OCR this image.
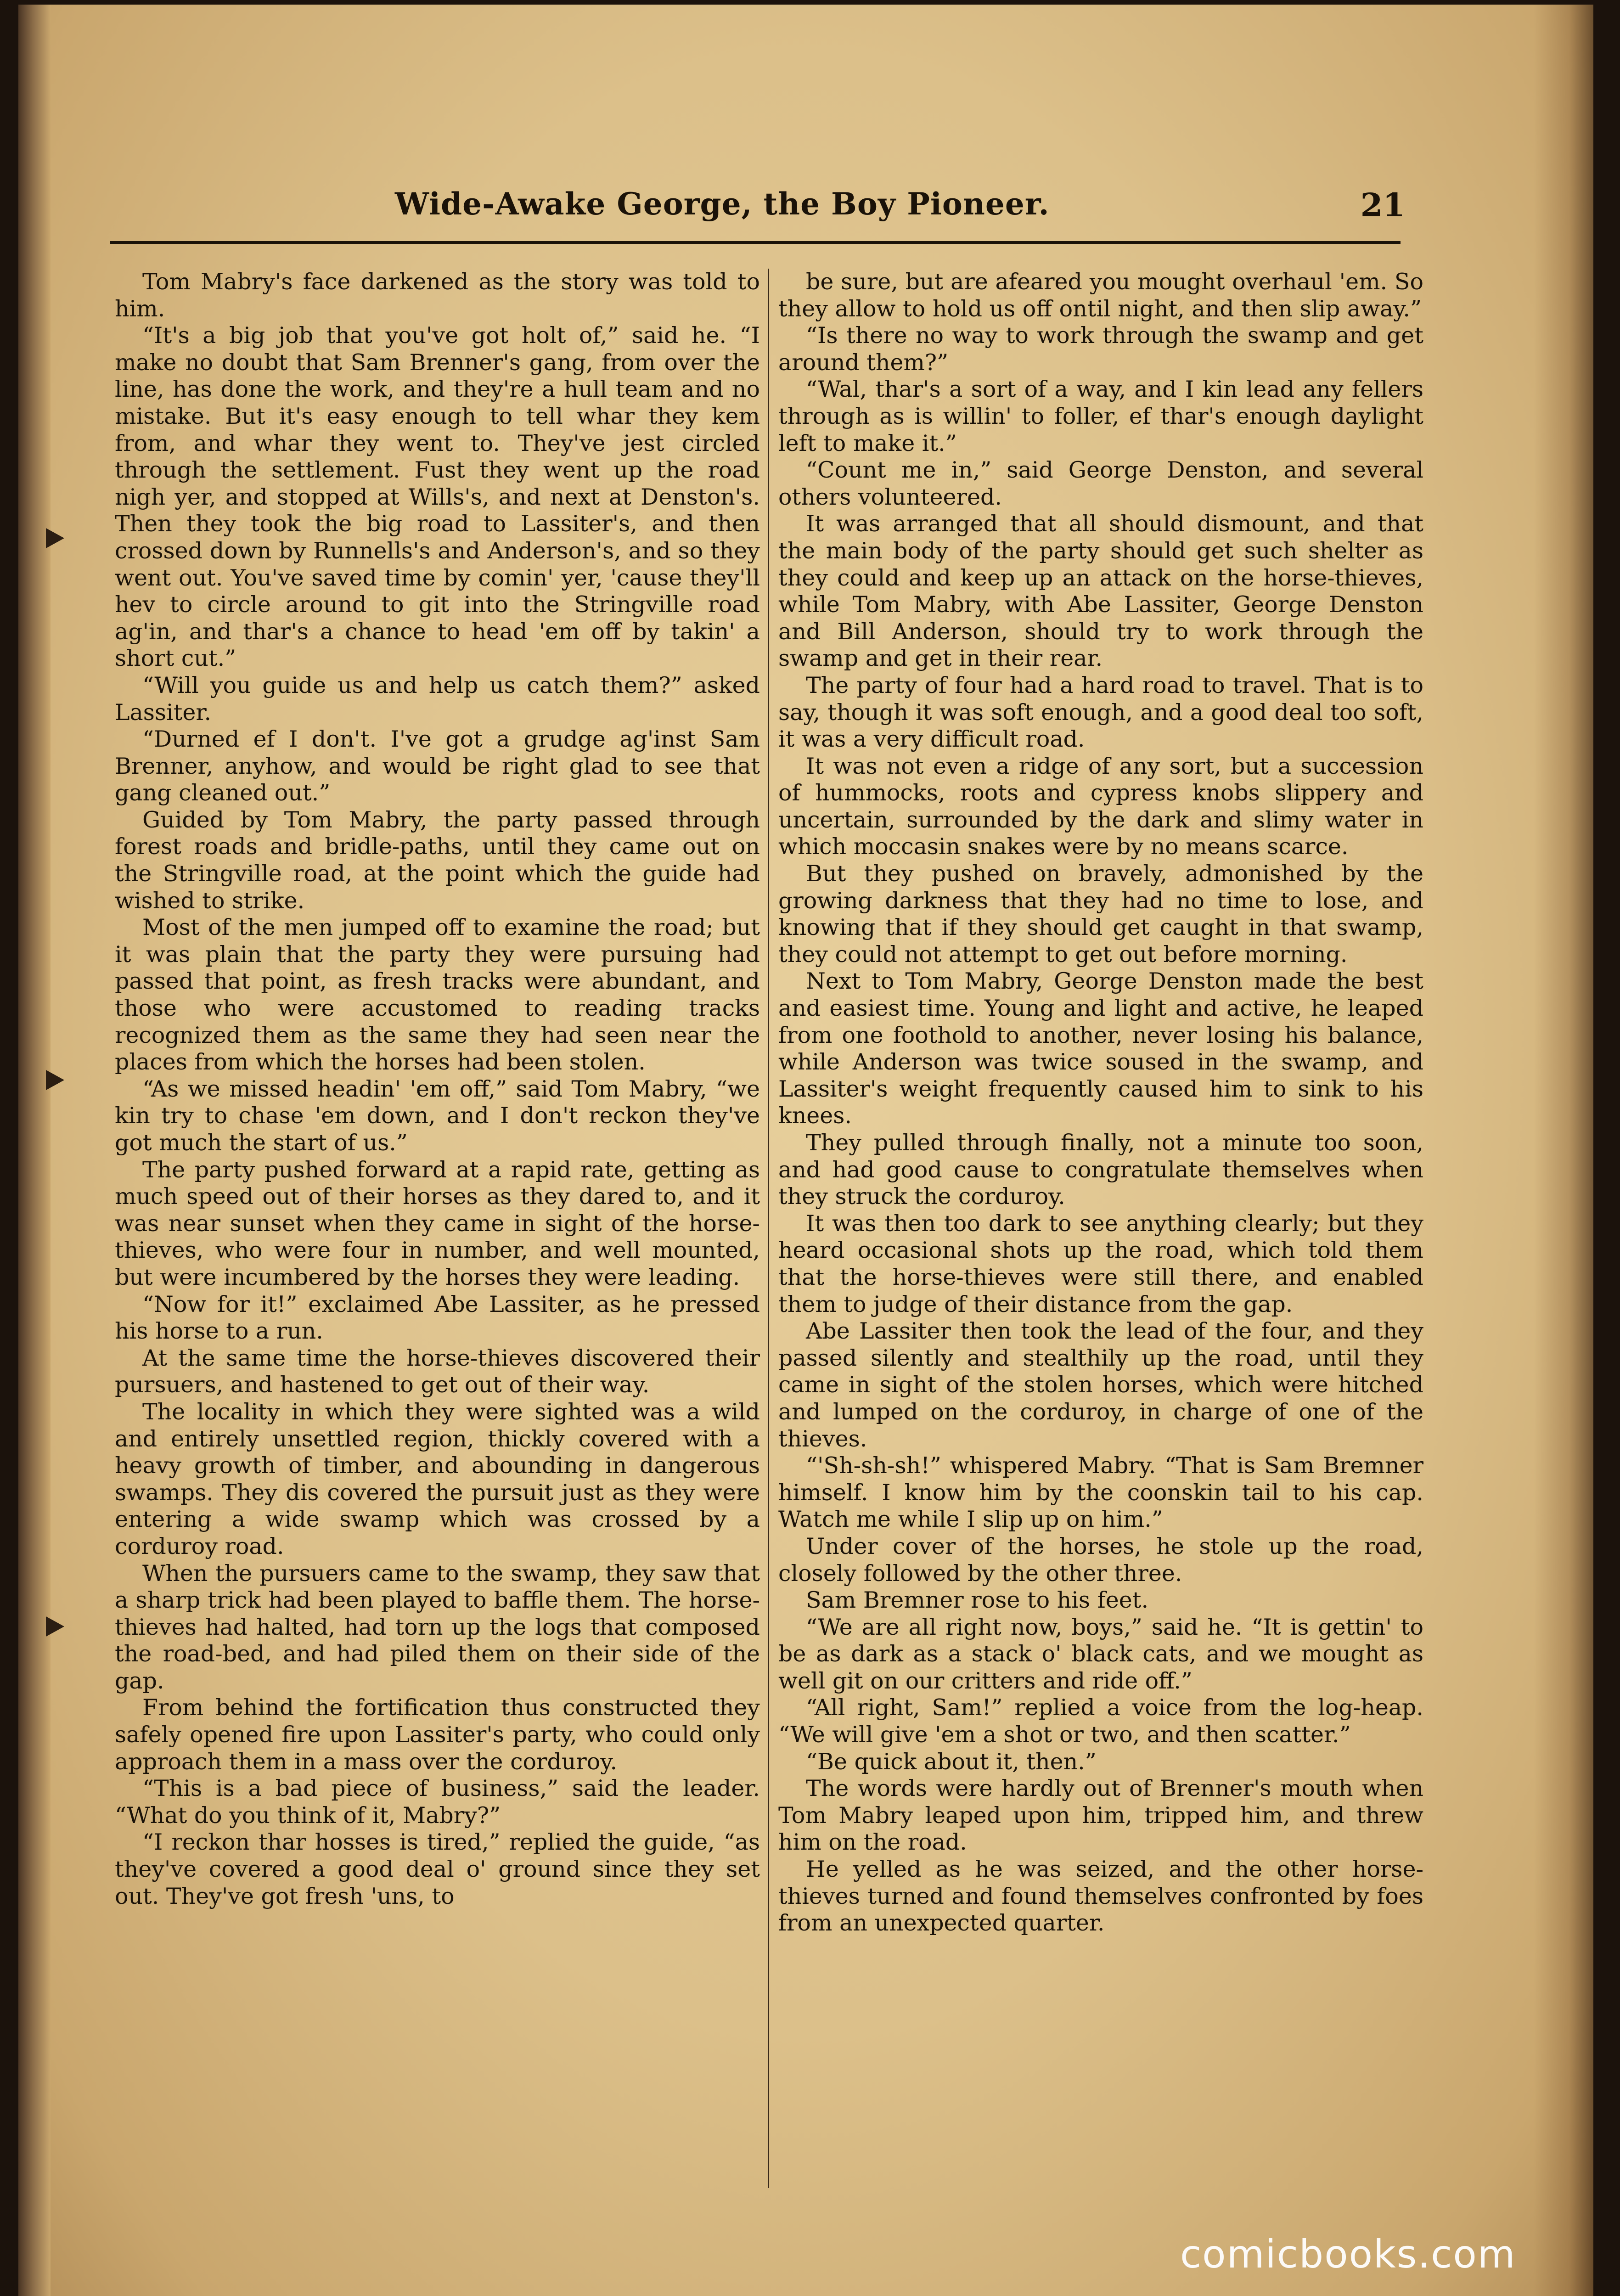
Wide-Awake George, the Boy Pioneer.	21

Tom Mabry's face darkened as the story was told to him.

“It's a big job that you've got holt of,” said he. “I make no doubt that Sam Brenner's gang, from over the line, has done the work, and they're a hull team and no mistake. But it's easy enough to tell whar they kem from, and whar they went to. They've jest circled through the settlement. Fust they went up the road nigh yer, and stopped at Wills's, and next at Denston's. Then they took the big road to Lassiter's, and then crossed down by Runnells's and Anderson's, and so they went out. You've saved time by comin' yer, 'cause they'll hev to circle around to git into the Stringville road ag'in, and thar's a chance to head 'em off by takin' a short cut.”

“Will you guide us and help us catch them?” asked Lassiter.

“Durned ef I don't. I've got a grudge ag'inst Sam Brenner, anyhow, and would be right glad to see that gang cleaned out.”

Guided by Tom Mabry, the party passed through forest roads and bridle-paths, until they came out on the Stringville road, at the point which the guide had wished to strike.

Most of the men jumped off to examine the road; but it was plain that the party they were pursuing had passed that point, as fresh tracks were abundant, and those who were accustomed to reading tracks recognized them as the same they had seen near the places from which the horses had been stolen.

“As we missed headin' 'em off,” said Tom Mabry, “we kin try to chase 'em down, and I don't reckon they've got much the start of us.”

The party pushed forward at a rapid rate, getting as much speed out of their horses as they dared to, and it was near sunset when they came in sight of the horse-thieves, who were four in number, and well mounted, but were incumbered by the horses they were leading.

“Now for it!” exclaimed Abe Lassiter, as he pressed his horse to a run.

At the same time the horse-thieves discovered their pursuers, and hastened to get out of their way.

The locality in which they were sighted was a wild and entirely unsettled region, thickly covered with a heavy growth of timber, and abounding in dangerous swamps. They dis covered the pursuit just as they were entering a wide swamp which was crossed by a corduroy road.

When the pursuers came to the swamp, they saw that a sharp trick had been played to baffle them. The horse-thieves had halted, had torn up the logs that composed the road-bed, and had piled them on their side of the gap.

From behind the fortification thus constructed they safely opened fire upon Lassiter's party, who could only approach them in a mass over the corduroy.

“This is a bad piece of business,” said the leader. “What do you think of it, Mabry?”

“I reckon thar hosses is tired,” replied the guide, “as they've covered a good deal o' ground since they set out. They've got fresh 'uns, to

be sure, but are afeared you mought overhaul 'em. So they allow to hold us off ontil night, and then slip away.”

“Is there no way to work through the swamp and get around them?”

“Wal, thar's a sort of a way, and I kin lead any fellers through as is willin' to foller, ef thar's enough daylight left to make it.”

“Count me in,” said George Denston, and several others volunteered.

It was arranged that all should dismount, and that the main body of the party should get such shelter as they could and keep up an attack on the horse-thieves, while Tom Mabry, with Abe Lassiter, George Denston and Bill Anderson, should try to work through the swamp and get in their rear.

The party of four had a hard road to travel. That is to say, though it was soft enough, and a good deal too soft, it was a very difficult road.

It was not even a ridge of any sort, but a succession of hummocks, roots and cypress knobs slippery and uncertain, surrounded by the dark and slimy water in which moccasin snakes were by no means scarce.

But they pushed on bravely, admonished by the growing darkness that they had no time to lose, and knowing that if they should get caught in that swamp, they could not attempt to get out before morning.

Next to Tom Mabry, George Denston made the best and easiest time. Young and light and active, he leaped from one foothold to another, never losing his balance, while Anderson was twice soused in the swamp, and Lassiter's weight frequently caused him to sink to his knees.

They pulled through finally, not a minute too soon, and had good cause to congratulate themselves when they struck the corduroy.

It was then too dark to see anything clearly; but they heard occasional shots up the road, which told them that the horse-thieves were still there, and enabled them to judge of their distance from the gap.

Abe Lassiter then took the lead of the four, and they passed silently and stealthily up the road, until they came in sight of the stolen horses, which were hitched and lumped on the corduroy, in charge of one of the thieves.

“'Sh-sh-sh!” whispered Mabry. “That is Sam Bremner himself. I know him by the coonskin tail to his cap. Watch me while I slip up on him.”

Under cover of the horses, he stole up the road, closely followed by the other three.

Sam Bremner rose to his feet.

“We are all right now, boys,” said he. “It is gettin' to be as dark as a stack o' black cats, and we mought as well git on our critters and ride off.”

“All right, Sam!” replied a voice from the log-heap. “We will give 'em a shot or two, and then scatter.”

“Be quick about it, then.”

The words were hardly out of Brenner's mouth when Tom Mabry leaped upon him, tripped him, and threw him on the road.

He yelled as he was seized, and the other horse-thieves turned and found themselves confronted by foes from an unexpected quarter.

comicbooks.com
